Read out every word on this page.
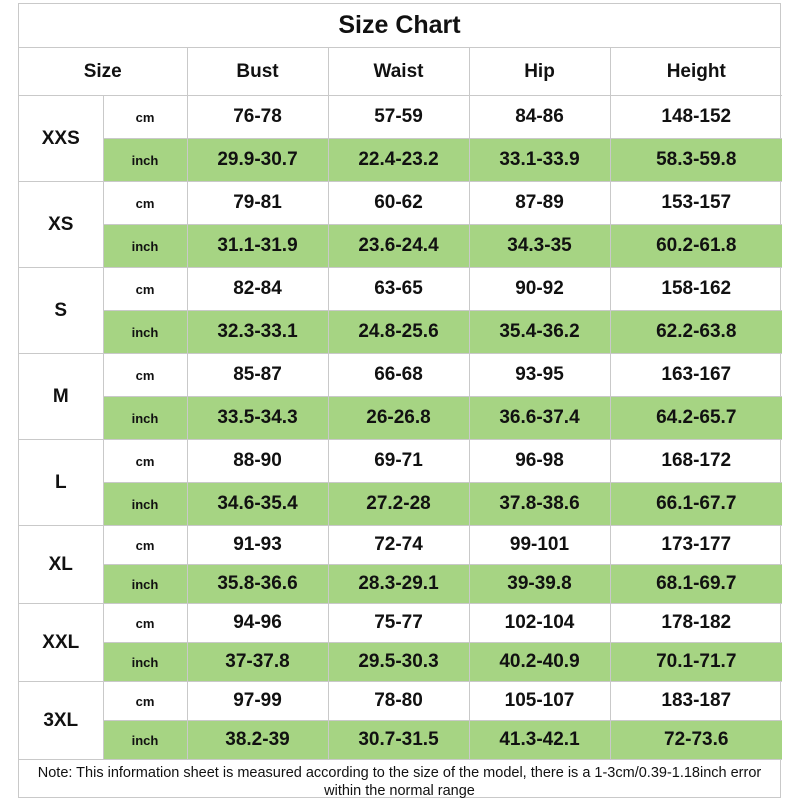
Size Chart
Size		Bust	Waist	Hip	Height
XXS	cm	76-78	57-59	84-86	148-152
	inch	29.9-30.7	22.4-23.2	33.1-33.9	58.3-59.8
XS	cm	79-81	60-62	87-89	153-157
	inch	31.1-31.9	23.6-24.4	34.3-35	60.2-61.8
S	cm	82-84	63-65	90-92	158-162
	inch	32.3-33.1	24.8-25.6	35.4-36.2	62.2-63.8
M	cm	85-87	66-68	93-95	163-167
	inch	33.5-34.3	26-26.8	36.6-37.4	64.2-65.7
L	cm	88-90	69-71	96-98	168-172
	inch	34.6-35.4	27.2-28	37.8-38.6	66.1-67.7
XL	cm	91-93	72-74	99-101	173-177
	inch	35.8-36.6	28.3-29.1	39-39.8	68.1-69.7
XXL	cm	94-96	75-77	102-104	178-182
	inch	37-37.8	29.5-30.3	40.2-40.9	70.1-71.7
3XL	cm	97-99	78-80	105-107	183-187
	inch	38.2-39	30.7-31.5	41.3-42.1	72-73.6
Note: This information sheet is measured according to the size of the model, there is a 1-3cm/0.39-1.18inch error within the normal range
